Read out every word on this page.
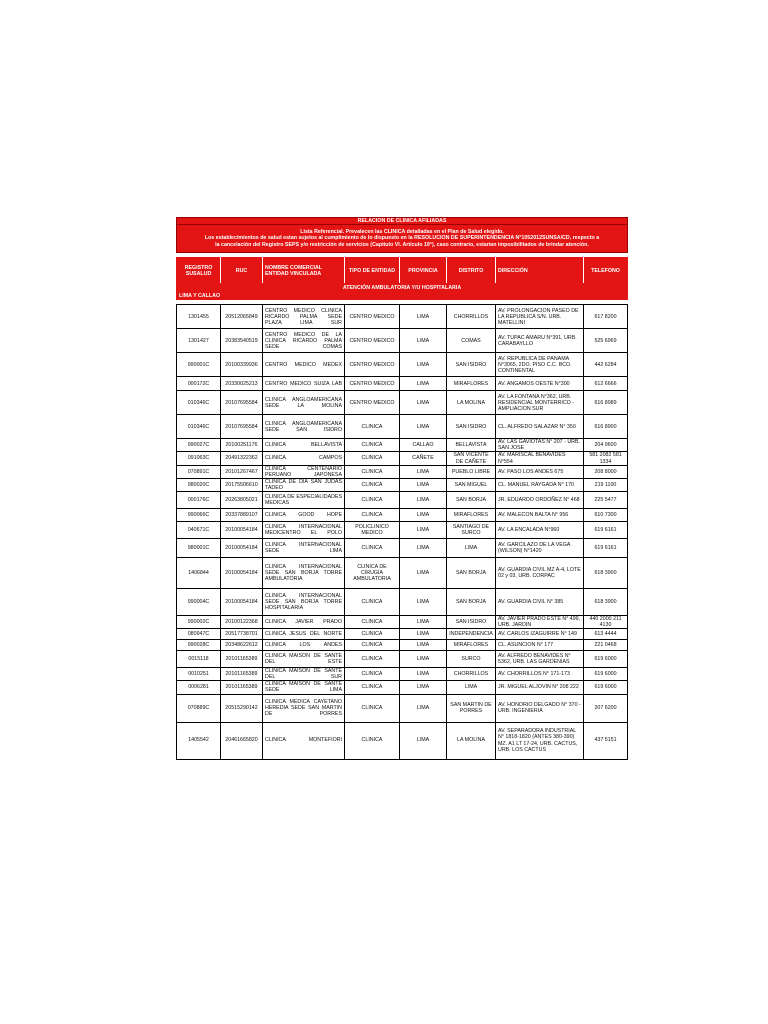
RELACION DE CLINICA AFILIADAS							

Lista Referencial. Prevalecen las CLINICA detalladas en el Plan de Salud elegido.
Los establecimientos de salud estan sujetos al cumplimiento de lo dispuesto en la RESOLUCION DE SUPERINTENDENCIA N°1052012SUNSA/CD, respecto a
la cancelación del Registro SEPS y/o restricción de servicios (Capitulo VI. Articulo 19°), caso contrario, estarían imposibilitados de brindar atención.							

REGISTRO SUSALUD	RUC	NOMBRE COMERCIAL ENTIDAD VINCULADA	TIPO DE ENTIDAD	PROVINCIA	DISTRITO	DIRECCIÓN	TELEFONO
ATENCIÓN AMBULATORIA Y/U HOSPITALARIA							
LIMA Y CALLAO							

1301455	20512065849	CENTRO MEDICO CLINICA RICARDO PALMA SEDE PLAZA LIMA SUR	CENTRO MEDICO	LIMA	CHORRILLOS	AV. PROLONGACION PASEO DE LA REPUBLICA S/N. URB. MATELLINI	617 8200
1301427	20383540519	CENTRO MEDICO DE LA CLINICA RICARDO PALMA SEDE COMAS	CENTRO MEDICO	LIMA	COMAS	AV. TUPAC AMARU N°391, URB. CARABAYLLO	525 6969
990001C	20100339936	CENTRO MEDICO MEDEX	CENTRO MEDICO	LIMA	SAN ISIDRO	AV. REPUBLICA DE PANAMA N°3065, 2DO. PISO C.C. BCO. CONTINENTAL	442 6284
000172C	20330025213	CENTRO MEDICO SUIZA LAB	CENTRO MEDICO	LIMA	MIRAFLORES	AV. ANGAMOS OESTE N°300	612 6666
010346C	20107695584	CLINICA ANGLOAMERICANA SEDE LA MOLINA	CENTRO MEDICO	LIMA	LA MOLINA	AV. LA FONTANA N°362, URB. RESIDENCIAL MONTERRICO - AMPLIACION SUR	616 8989
010346C	20107695584	CLINICA ANGLOAMERICANA SEDE SAN ISIDRO	CLINICA	LIMA	SAN ISIDRO	CL. ALFREDO SALAZAR N° 350	616 8900
990027C	20100251176	CLINICA BELLAVISTA	CLINICA	CALLAO	BELLAVISTA	AV. LAS GAVIOTAS N° 207 - URB. SAN JOSE	204 9600
091063C	20491322362	CLINICA CAMPOS	CLINICA	CAÑETE	SAN VICENTE DE CAÑETE	AV. MARISCAL BENAVIDES N°554	581 2082 581 1334
070891C	20101267467	CLINICA CENTENARIO PERUANO JAPONESA	CLINICA	LIMA	PUEBLO LIBRE	AV. PASO LOS ANDES 675	208 8000
980020C	20175506610	CLINICA DE DIA SAN JUDAS TADEO	CLINICA	LIMA	SAN MIGUEL	CL. MANUEL RAYGADA N° 170	219 1100
000176C	20263805021	CLINICA DE ESPECIALIDADES MEDICAS	CLINICA	LIMA	SAN BORJA	JR. EDUARDO ORDOÑEZ N° 468	225 5477
990066C	20337889107	CLINICA GOOD HOPE	CLINICA	LIMA	MIRAFLORES	AV. MALECON BALTA N° 956	610 7300
040671C	20100054184	CLINICA INTERNACIONAL MEDICENTRO EL POLO	POLICLINICO MEDICO	LIMA	SANTIAGO DE SURCO	AV. LA ENCALADA N°960	619 6161
980001C	20100054184	CLINICA INTERNACIONAL SEDE LIMA	CLINICA	LIMA	LIMA	AV. GARCILAZO DE LA VEGA (WILSON) N°1420	619 6161
1406844	20100054184	CLINICA INTERNACIONAL SEDE SAN BORJA TORRE AMBULATORIA	CLINICA DE CIRUGIA AMBULATORIA	LIMA	SAN BORJA	AV. GUARDIA CIVIL MZ A-4, LOTE 02 y 03, URB. CORPAC	618 3900
990004C	20100054184	CLINICA INTERNACIONAL SEDE SAN BORJA TORRE HOSPITALARIA	CLINICA	LIMA	SAN BORJA	AV. GUARDIA CIVIL N° 385	618 3900
990002C	20100122368	CLINICA JAVIER PRADO	CLINICA	LIMA	SAN ISIDRO	AV. JAVIER PRADO ESTE N° 499, URB. JARDIN	440 2000 211 4130
080947C	20517738701	CLINICA JESUS DEL NORTE	CLINICA	LIMA	INDEPENDENCIA	AV. CARLOS IZAGUIRRE N° 149	613 4444
990028C	20348622612	CLINICA LOS ANDES	CLINICA	LIMA	MIRAFLORES	CL. ASUNCION N° 177	221 0468
0015118	20101165389	CLINICA MAISON DE SANTE DEL ESTE	CLINICA	LIMA	SURCO	AV. ALFREDO BENAVIDES N° 5362, URB. LAS GARDENIAS	619 6000
0010251	20101165389	CLINICA MAISON DE SANTE DEL SUR	CLINICA	LIMA	CHORRILLOS	AV. CHORRILLOS N° 171-173	619 6000
0006281	20101165389	CLINICA MAISON DE SANTE SEDE LIMA	CLINICA	LIMA	LIMA	JR. MIGUEL ALJOVIN N° 208 222	619 6000
070889C	20515290142	CLINICA MEDICA CAYETANO HEREDIA SEDE SAN MARTIN DE PORRES	CLINICA	LIMA	SAN MARTIN DE PORRES	AV. HONORIO DELGADO N° 370 - URB. INGENIERIA	207 6200
1405542	20461665820	CLINICA MONTEFIORI	CLINICA	LIMA	LA MOLINA	AV. SEPARADORA INDUSTRIAL N° 1818-1820 (ANTES 380-390) MZ. A1 LT 17-24, URB. CACTUS, URB. LOS CACTUS	437 5151
